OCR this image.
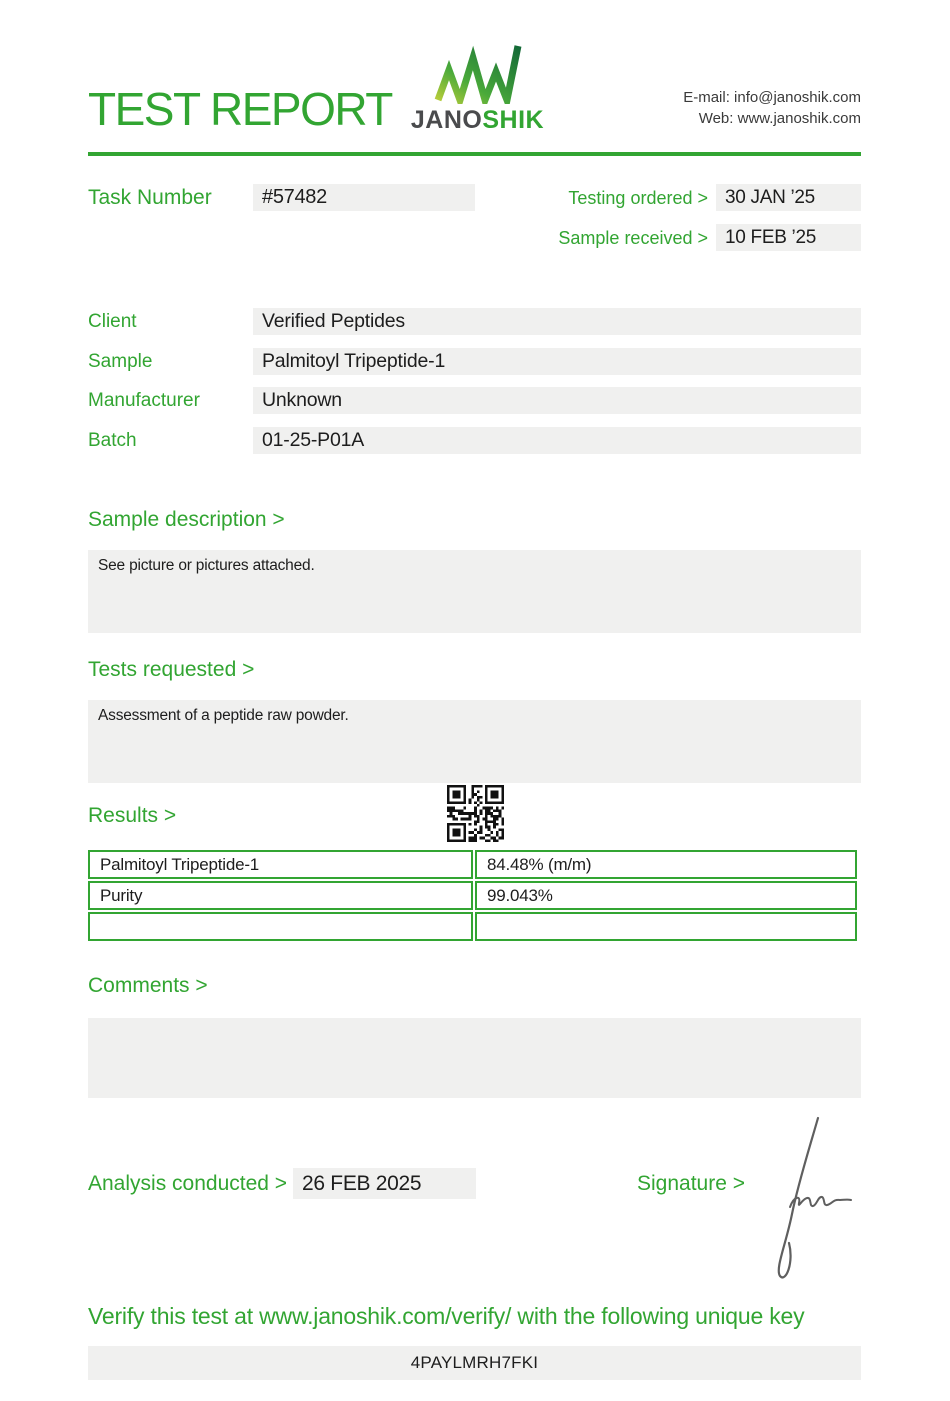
TEST REPORT JANOSHIK
E-mail: info@janoshik.com
Web: www.janoshik.com
Task Number	#57482	Testing ordered > 30 JAN ’25
Sample received > 10 FEB ’25
Client	Verified Peptides
Sample	Palmitoyl Tripeptide-1
Manufacturer	Unknown
Batch	01-25-P01A
Sample description >
See picture or pictures attached.
Tests requested >
Assessment of a peptide raw powder.
Results >
Palmitoyl Tripeptide-1	84.48% (m/m)
Purity	99.043%

Comments >
Analysis conducted > 26 FEB 2025	Signature >
Verify this test at www.janoshik.com/verify/ with the following unique key
4PAYLMRH7FKI
